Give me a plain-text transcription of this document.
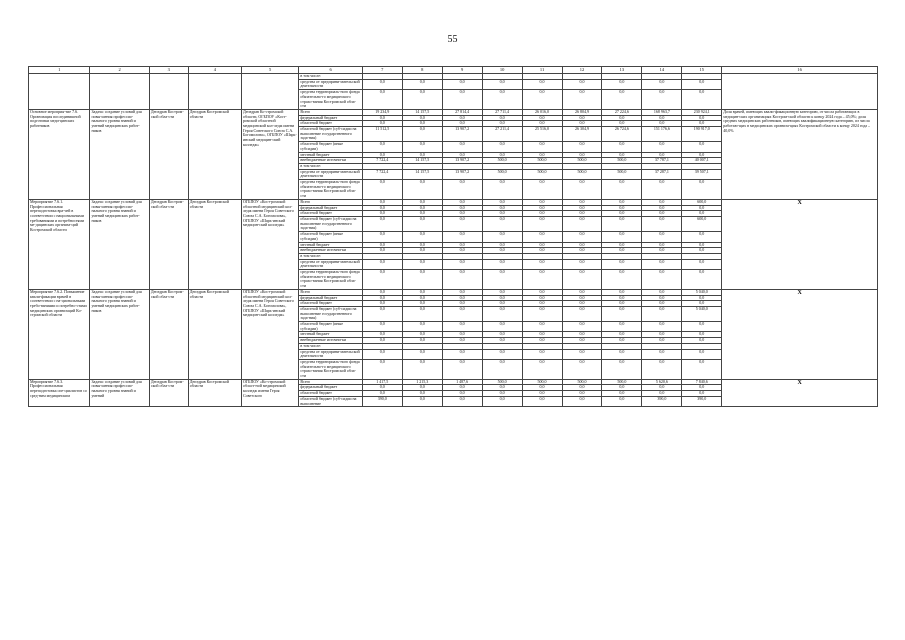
55
1	2	3	4	5	6	7	8	9	10	11	12	13	14	15	16
					в том числе:										
					средства от предприни-мательской деятельности	0,0	0,0	0,0	0,0	0,0	0,0	0,0	0,0	0,0	
					средства территориаль-ного фонда обязательно-го медицинского страхо-вания Костромской обла-сти	0,0	0,0	0,0	0,0	0,0	0,0	0,0	0,0	0,0	
Основное мероприя-тие 7.6. Организация послединишной подготовки меди-цинских работников	Задача: создание условий для повы-шения профессио-нального уровня знаний и умений медицинских работ-ников	Депздрав Костром-ской обла-сти	Депздрав Костромской области	Депздрав Ко-стромской области, ОГБПОУ «Кост-ромской областной медицинский кол-ледж имени Героя Советского Союза С.А. Богомолова», ОГБПОУ «Шарь-инский медицин-ский колледж»	Всего	19 234,9	14 157,5	27 814,4	27 711,4	26 016,0	26 804,9	27 224,6	168 963,7	230 924,1	Доля врачей, имеющих квали-фикационную категорию, от числа работающих в медицин-ских организациях Костром-ской области к концу 2024 года – 45,0%; доля средних медицинских работников, имеющих квалификационную категорию, из числа работаю-щих в медицинских организа-циях Костромской области к концу 2024 года – 40,0%
					федеральный бюджет	0,0	0,0	0,0	0,0	0,0	0,0	0,0	0,0	0,0	
					областной бюджет	0,0	0,0	0,0	0,0	0,0	0,0	0,0	0,0	0,0	
					областной бюджет (суб-сидии на выполнение государственного зада-ния)	11 512,5	0,0	13 907,2	27 211,4	25 516,0	26 304,9	26 724,6	151 176,6	190 917,0	
					областной бюджет (иные субсидии)	0,0	0,0	0,0	0,0	0,0	0,0	0,0	0,0	0,0	
					местный бюджет	0,0	0,0	0,0	0,0	0,0	0,0	0,0	0,0	0,0	
					внебюджетные источни-ки	7 722,4	14 157,5	13 907,2	500,0	500,0	500,0	500,0	37 787,1	40 007,1	
					в том числе:										
					средства от предприни-мательской деятельности	7 722,4	14 157,5	13 907,2	500,0	500,0	500,0	500,0	37 287,1	39 507,1	
					средства территориаль-ного фонда обязательно-го медицинского страхо-вания Костромской обла-сти	0,0	0,0	0,0	0,0	0,0	0,0	0,0	0,0	0,0	
Мероприятие 7.6.1. Профессиональная переподготовка вра-чей в соответствии с национальными требованиями и потребностями ме-дицинских организа-ций Костромской области	Задача: создание условий для повы-шения профессио-нального уровня знаний и умений медицинских работ-ников	Депздрав Костром-ской обла-сти	Депздрав Костромской области	ОГБПОУ «Кост-ромской областной медицинский кол-ледж имени Героя Советского Союза С.А. Богомолова», ОГБПОУ «Шарь-инский медицин-ский колледж»	Всего	0,0	0,0	0,0	0,0	0,0	0,0	0,0	0,0	600,0	X
					федеральный бюджет	0,0	0,0	0,0	0,0	0,0	0,0	0,0	0,0	0,0	
					областной бюджет	0,0	0,0	0,0	0,0	0,0	0,0	0,0	0,0	0,0	
					областной бюджет (суб-сидии на выполнение государственного зада-ния)	0,0	0,0	0,0	0,0	0,0	0,0	0,0	0,0	600,0	
					областной бюджет (иные субсидии)	0,0	0,0	0,0	0,0	0,0	0,0	0,0	0,0	0,0	
					местный бюджет	0,0	0,0	0,0	0,0	0,0	0,0	0,0	0,0	0,0	
					внебюджетные источни-ки	0,0	0,0	0,0	0,0	0,0	0,0	0,0	0,0	0,0	
					в том числе:										
					средства от предприни-мательской деятельности	0,0	0,0	0,0	0,0	0,0	0,0	0,0	0,0	0,0	
					средства территориаль-ного фонда обязательно-го медицинского страхо-вания Костромской обла-сти	0,0	0,0	0,0	0,0	0,0	0,0	0,0	0,0	0,0	
Мероприятие 7.6.2. Повышение квали-фикации врачей в соответствии с на-циональными требо-ваниями и потребно-стями медицинских организаций Ко-стромской области	Задача: создание условий для повы-шения профессио-нального уровня знаний и умений медицинских работ-ников	Депздрав Костром-ской обла-сти	Депздрав Костромской области	ОГБПОУ «Кост-ромской областной медицинский кол-ледж имени Героя Советского Союза С.А. Богомолова», ОГБПОУ «Шарь-инский медицин-ский колледж»	Всего	0,0	0,0	0,0	0,0	0,0	0,0	0,0	0,0	5 040,0	X
					федеральный бюджет	0,0	0,0	0,0	0,0	0,0	0,0	0,0	0,0	0,0	
					областной бюджет	0,0	0,0	0,0	0,0	0,0	0,0	0,0	0,0	0,0	
					областной бюджет (суб-сидии на выполнение государственного зада-ния)	0,0	0,0	0,0	0,0	0,0	0,0	0,0	0,0	5 040,0	
					областной бюджет (иные субсидии)	0,0	0,0	0,0	0,0	0,0	0,0	0,0	0,0	0,0	
					местный бюджет	0,0	0,0	0,0	0,0	0,0	0,0	0,0	0,0	0,0	
					внебюджетные источни-ки	0,0	0,0	0,0	0,0	0,0	0,0	0,0	0,0	0,0	
					в том числе:										
					средства от предприни-мательской деятельности	0,0	0,0	0,0	0,0	0,0	0,0	0,0	0,0	0,0	
					средства территориаль-ного фонда обязательно-го медицинского страхо-вания Костромской обла-сти	0,0	0,0	0,0	0,0	0,0	0,0	0,0	0,0	0,0	
Мероприятие 7.6.3. Профессиональная переподготовка спе-циалистов со сред-ним медицинским	Задача: создание условий для повы-шения профессио-нального уровня знаний и умений	Депздрав Костром-ской обла-сти	Депздрав Костромской области	ОГБПОУ «Ко-стромской област-ной медицинский колледж имени Героя Советского	Всего	1 417,5	1 215,3	1 487,6	500,0	500,0	500,0	500,0	5 620,6	7 840,6	X
					федеральный бюджет	0,0	0,0	0,0	0,0	0,0	0,0	0,0	0,0	0,0	
					областной бюджет	0,0	0,0	0,0	0,0	0,0	0,0	0,0	0,0	0,0	
					областной бюджет (суб-сидии на выполнение	390,0	0,0	0,0	0,0	0,0	0,0	0,0	390,0	390,0	
